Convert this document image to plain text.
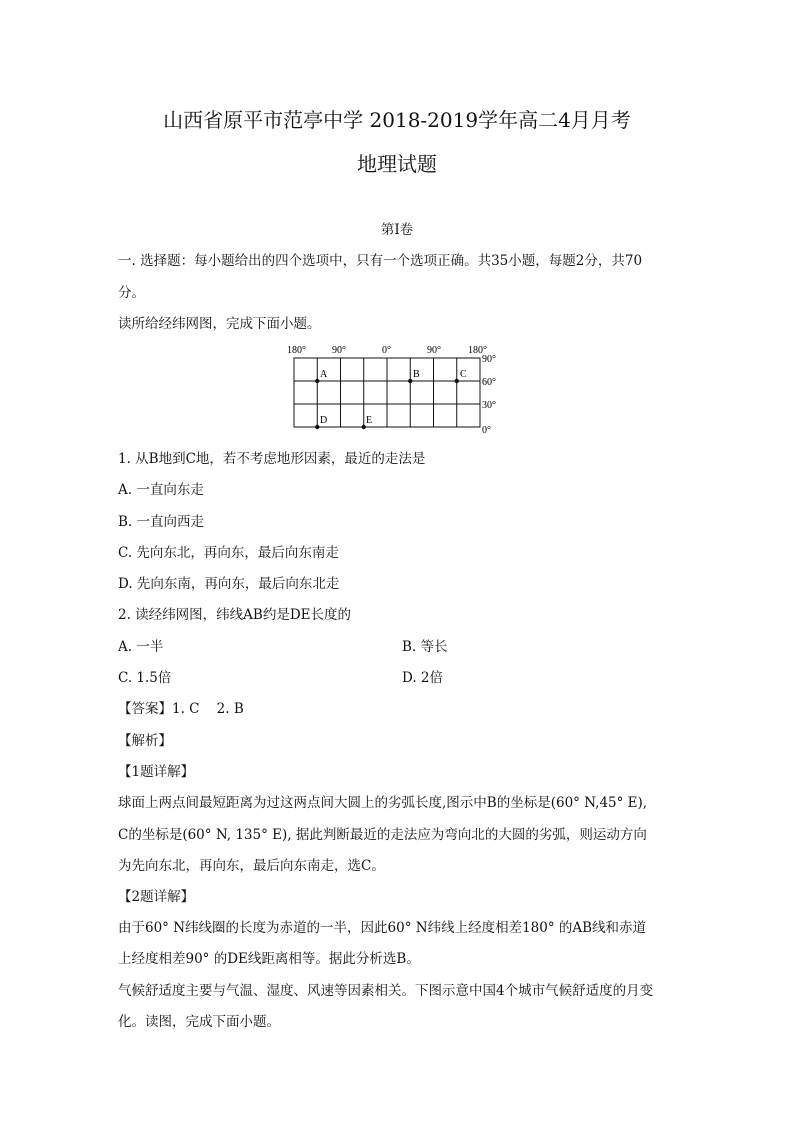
山西省原平市范亭中学 2018-2019学年高二4月月考
地理试题
第I卷
一. 选择题：每小题给出的四个选项中，只有一个选项正确。共35小题，每题2分，共70
分。
读所给经纬网图，完成下面小题。
180°	90°	0°	90°	180°
90°
60°
30°
0°
A	B	C
D	E
1. 从B地到C地，若不考虑地形因素，最近的走法是
A. 一直向东走
B. 一直向西走
C. 先向东北，再向东，最后向东南走
D. 先向东南，再向东，最后向东北走
2. 读经纬网图，纬线AB约是DE长度的
A. 一半	B. 等长
C. 1.5倍	D. 2倍
【答案】1. C    2. B
【解析】
【1题详解】
球面上两点间最短距离为过这两点间大圆上的劣弧长度,图示中B的坐标是(60° N,45° E),
C的坐标是(60° N, 135° E), 据此判断最近的走法应为弯向北的大圆的劣弧，则运动方向
为先向东北，再向东，最后向东南走，选C。
【2题详解】
由于60° N纬线圈的长度为赤道的一半，因此60° N纬线上经度相差180° 的AB线和赤道
上经度相差90° 的DE线距离相等。据此分析选B。
气候舒适度主要与气温、湿度、风速等因素相关。下图示意中国4个城市气候舒适度的月变
化。读图，完成下面小题。
